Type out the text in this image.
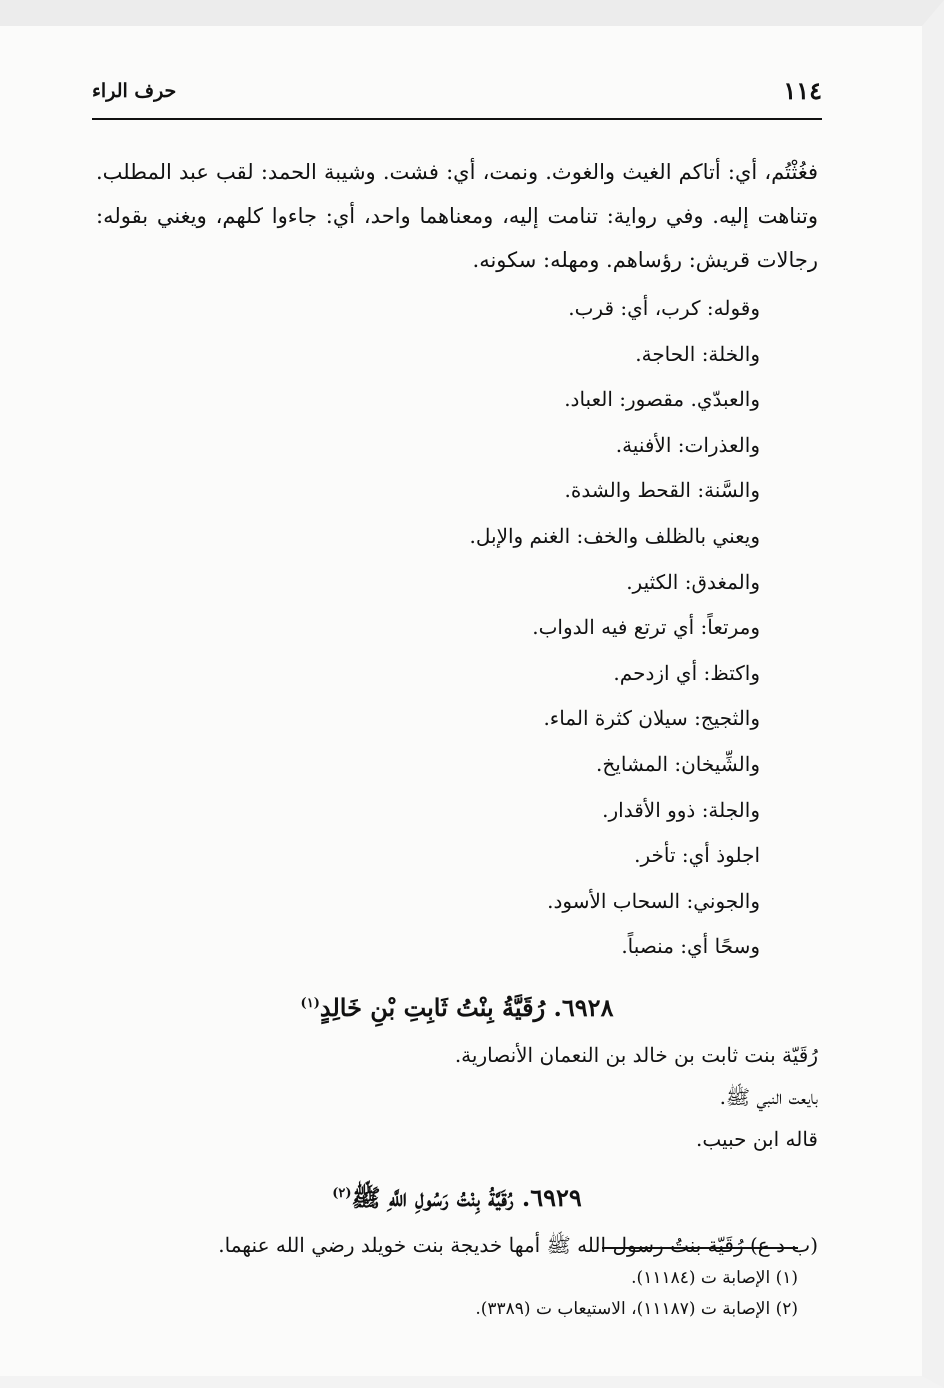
١١٤
حرف الراء

فغُثْتُم، أي: أتاكم الغيث والغوث. ونمت، أي: فشت. وشيبة الحمد: لقب عبد المطلب. وتناهت إليه. وفي رواية: تنامت إليه، ومعناهما واحد، أي: جاءوا كلهم، ويغني بقوله: رجالات قريش: رؤساهم. ومهله: سكونه.

وقوله: كرب، أي: قرب.
والخلة: الحاجة.
والعبدّي. مقصور: العباد.
والعذرات: الأفنية.
والسَّنة: القحط والشدة.
ويعني بالظلف والخف: الغنم والإبل.
والمغدق: الكثير.
ومرتعاً: أي ترتع فيه الدواب.
واكتظ: أي ازدحم.
والثجيج: سيلان كثرة الماء.
والشِّيخان: المشايخ.
والجلة: ذوو الأقدار.
اجلوذ أي: تأخر.
والجوني: السحاب الأسود.
وسحًا أي: منصباً.
٦٩٢٨. رُقَيَّةُ بِنْتُ ثَابِتِ بْنِ خَالِدٍ$^{(١)}$

رُقَيّة بنت ثابت بن خالد بن النعمان الأنصارية.

بايعت النبي ﷺ.

قاله ابن حبيب.

٦٩٢٩. رُقَيَّةُ بِنْتُ رَسُولِ اللَّهِ ﷺ$^{(٢)}$

(ب د ع) رُقَيّة بنتُ رسول الله ﷺ أمها خديجة بنت خويلد رضي الله عنهما.

(١) الإصابة ت (١١١٨٤).

(٢) الإصابة ت (١١١٨٧)، الاستيعاب ت (٣٣٨٩).
